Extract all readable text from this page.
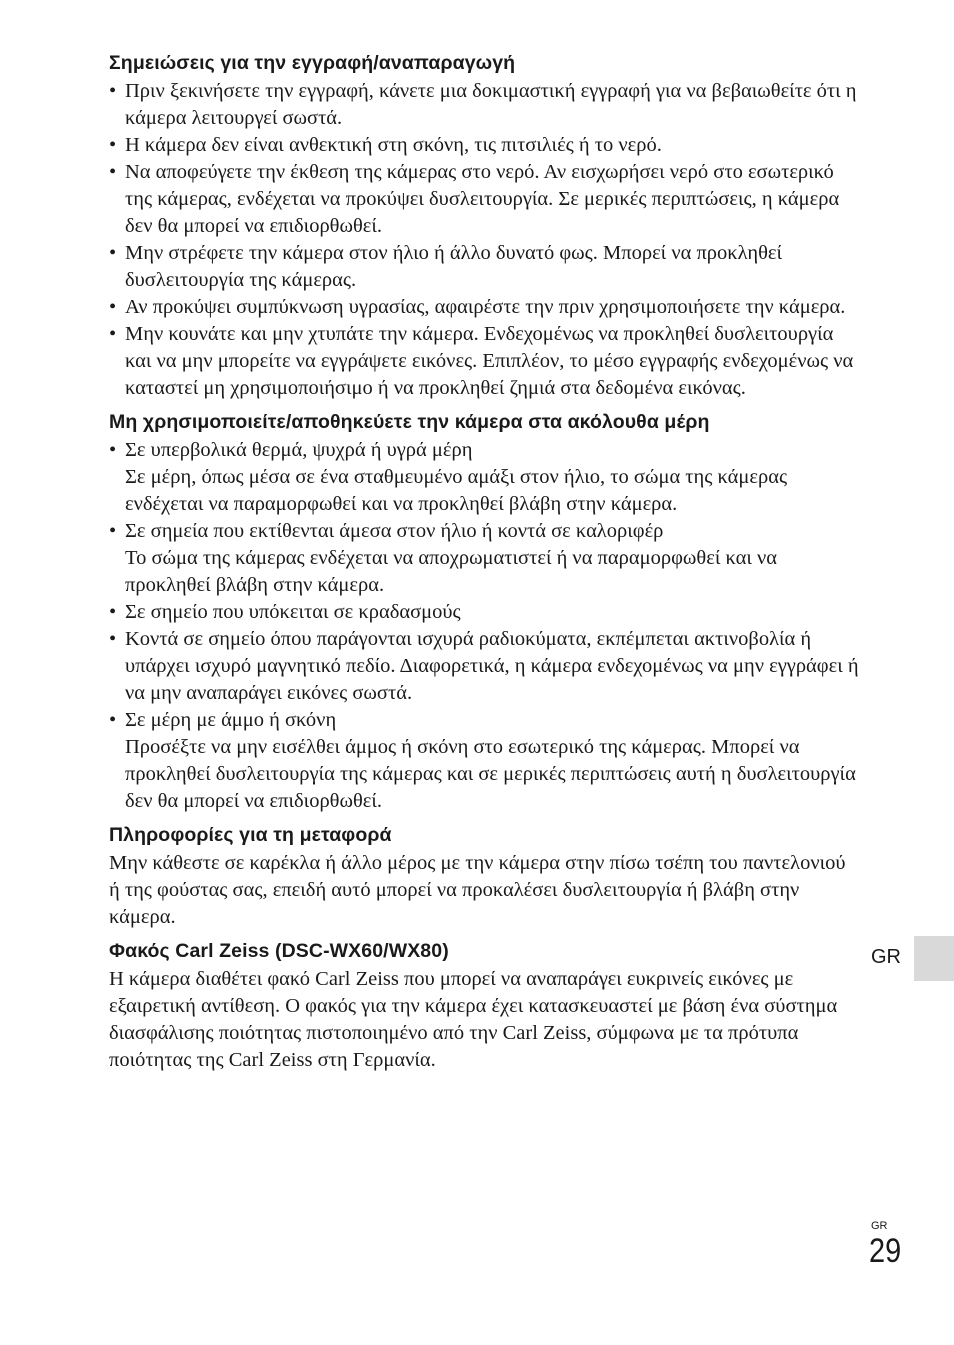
Σημειώσεις για την εγγραφή/αναπαραγωγή
• Πριν ξεκινήσετε την εγγραφή, κάνετε μια δοκιμαστική εγγραφή για να βεβαιωθείτε ότι η κάμερα λειτουργεί σωστά.
• Η κάμερα δεν είναι ανθεκτική στη σκόνη, τις πιτσιλιές ή το νερό.
• Να αποφεύγετε την έκθεση της κάμερας στο νερό. Αν εισχωρήσει νερό στο εσωτερικό της κάμερας, ενδέχεται να προκύψει δυσλειτουργία. Σε μερικές περιπτώσεις, η κάμερα δεν θα μπορεί να επιδιορθωθεί.
• Μην στρέφετε την κάμερα στον ήλιο ή άλλο δυνατό φως. Μπορεί να προκληθεί δυσλειτουργία της κάμερας.
• Αν προκύψει συμπύκνωση υγρασίας, αφαιρέστε την πριν χρησιμοποιήσετε την κάμερα.
• Μην κουνάτε και μην χτυπάτε την κάμερα. Ενδεχομένως να προκληθεί δυσλειτουργία και να μην μπορείτε να εγγράψετε εικόνες. Επιπλέον, το μέσο εγγραφής ενδεχομένως να καταστεί μη χρησιμοποιήσιμο ή να προκληθεί ζημιά στα δεδομένα εικόνας.
Μη χρησιμοποιείτε/αποθηκεύετε την κάμερα στα ακόλουθα μέρη
• Σε υπερβολικά θερμά, ψυχρά ή υγρά μέρη
Σε μέρη, όπως μέσα σε ένα σταθμευμένο αμάξι στον ήλιο, το σώμα της κάμερας ενδέχεται να παραμορφωθεί και να προκληθεί βλάβη στην κάμερα.
• Σε σημεία που εκτίθενται άμεσα στον ήλιο ή κοντά σε καλοριφέρ
Το σώμα της κάμερας ενδέχεται να αποχρωματιστεί ή να παραμορφωθεί και να προκληθεί βλάβη στην κάμερα.
• Σε σημείο που υπόκειται σε κραδασμούς
• Κοντά σε σημείο όπου παράγονται ισχυρά ραδιοκύματα, εκπέμπεται ακτινοβολία ή υπάρχει ισχυρό μαγνητικό πεδίο. Διαφορετικά, η κάμερα ενδεχομένως να μην εγγράφει ή να μην αναπαράγει εικόνες σωστά.
• Σε μέρη με άμμο ή σκόνη
Προσέξτε να μην εισέλθει άμμος ή σκόνη στο εσωτερικό της κάμερας. Μπορεί να προκληθεί δυσλειτουργία της κάμερας και σε μερικές περιπτώσεις αυτή η δυσλειτουργία δεν θα μπορεί να επιδιορθωθεί.
Πληροφορίες για τη μεταφορά

Μην κάθεστε σε καρέκλα ή άλλο μέρος με την κάμερα στην πίσω τσέπη του παντελονιού ή της φούστας σας, επειδή αυτό μπορεί να προκαλέσει δυσλειτουργία ή βλάβη στην κάμερα.

Φακός Carl Zeiss (DSC-WX60/WX80)

Η κάμερα διαθέτει φακό Carl Zeiss που μπορεί να αναπαράγει ευκρινείς εικόνες με εξαιρετική αντίθεση. Ο φακός για την κάμερα έχει κατασκευαστεί με βάση ένα σύστημα διασφάλισης ποιότητας πιστοποιημένο από την Carl Zeiss, σύμφωνα με τα πρότυπα ποιότητας της Carl Zeiss στη Γερμανία.

GR
GR
29
